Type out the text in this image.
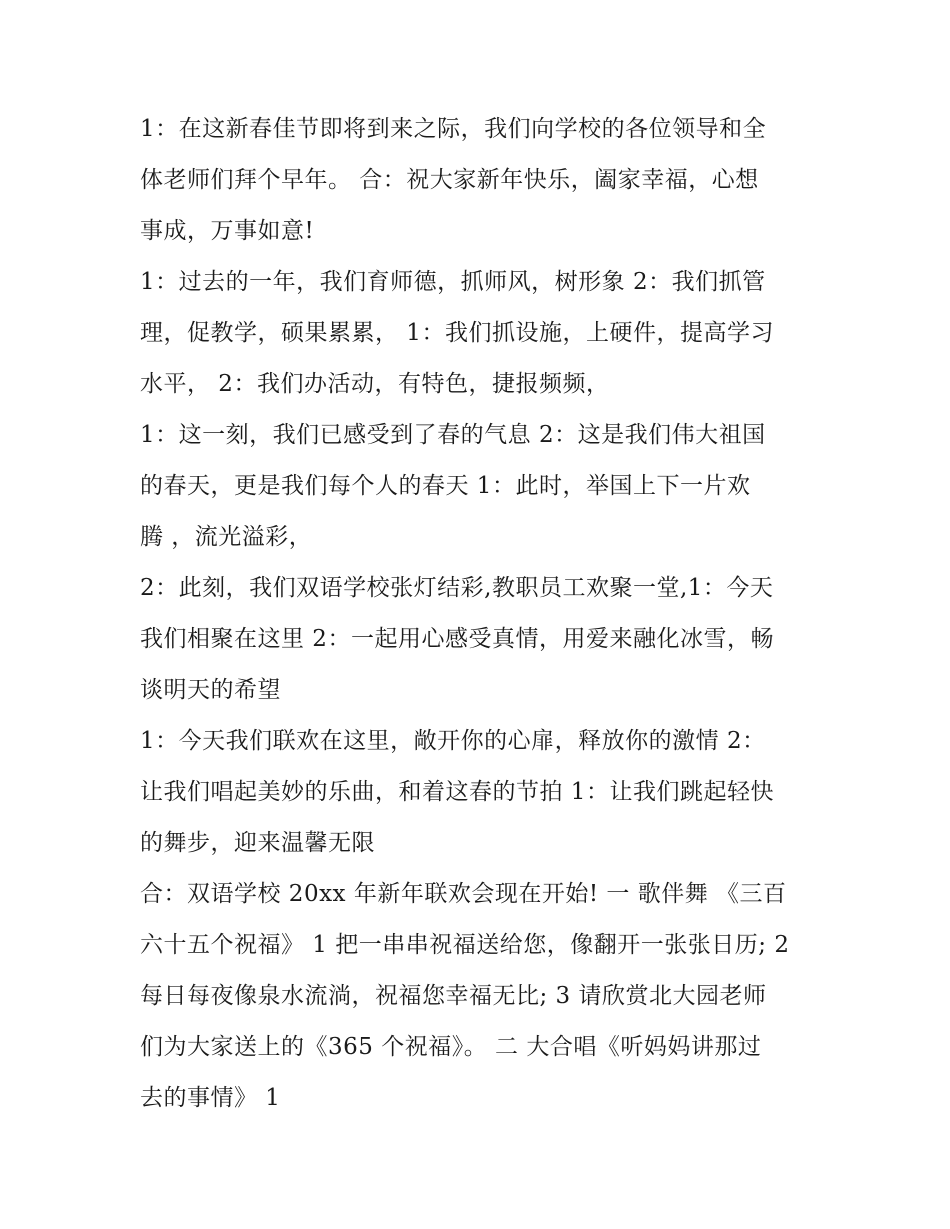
1：在这新春佳节即将到来之际，我们向学校的各位领导和全
体老师们拜个早年。 合：祝大家新年快乐，阖家幸福，心想
事成，万事如意!

1：过去的一年，我们育师德，抓师风，树形象 2：我们抓管
理，促教学，硕果累累， 1：我们抓设施，上硬件，提高学习
水平， 2：我们办活动，有特色，捷报频频，

1：这一刻，我们已感受到了春的气息 2：这是我们伟大祖国
的春天，更是我们每个人的春天 1：此时，举国上下一片欢
腾 ，流光溢彩，

2：此刻，我们双语学校张灯结彩,教职员工欢聚一堂,1：今天
我们相聚在这里 2：一起用心感受真情，用爱来融化冰雪，畅
谈明天的希望

1：今天我们联欢在这里，敞开你的心扉，释放你的激情 2：
让我们唱起美妙的乐曲，和着这春的节拍 1：让我们跳起轻快
的舞步，迎来温馨无限

合：双语学校 20xx 年新年联欢会现在开始! 一 歌伴舞 《三百
六十五个祝福》 1 把一串串祝福送给您，像翻开一张张日历; 2
每日每夜像泉水流淌，祝福您幸福无比; 3 请欣赏北大园老师
们为大家送上的《365 个祝福》。 二 大合唱《听妈妈讲那过
去的事情》 1
